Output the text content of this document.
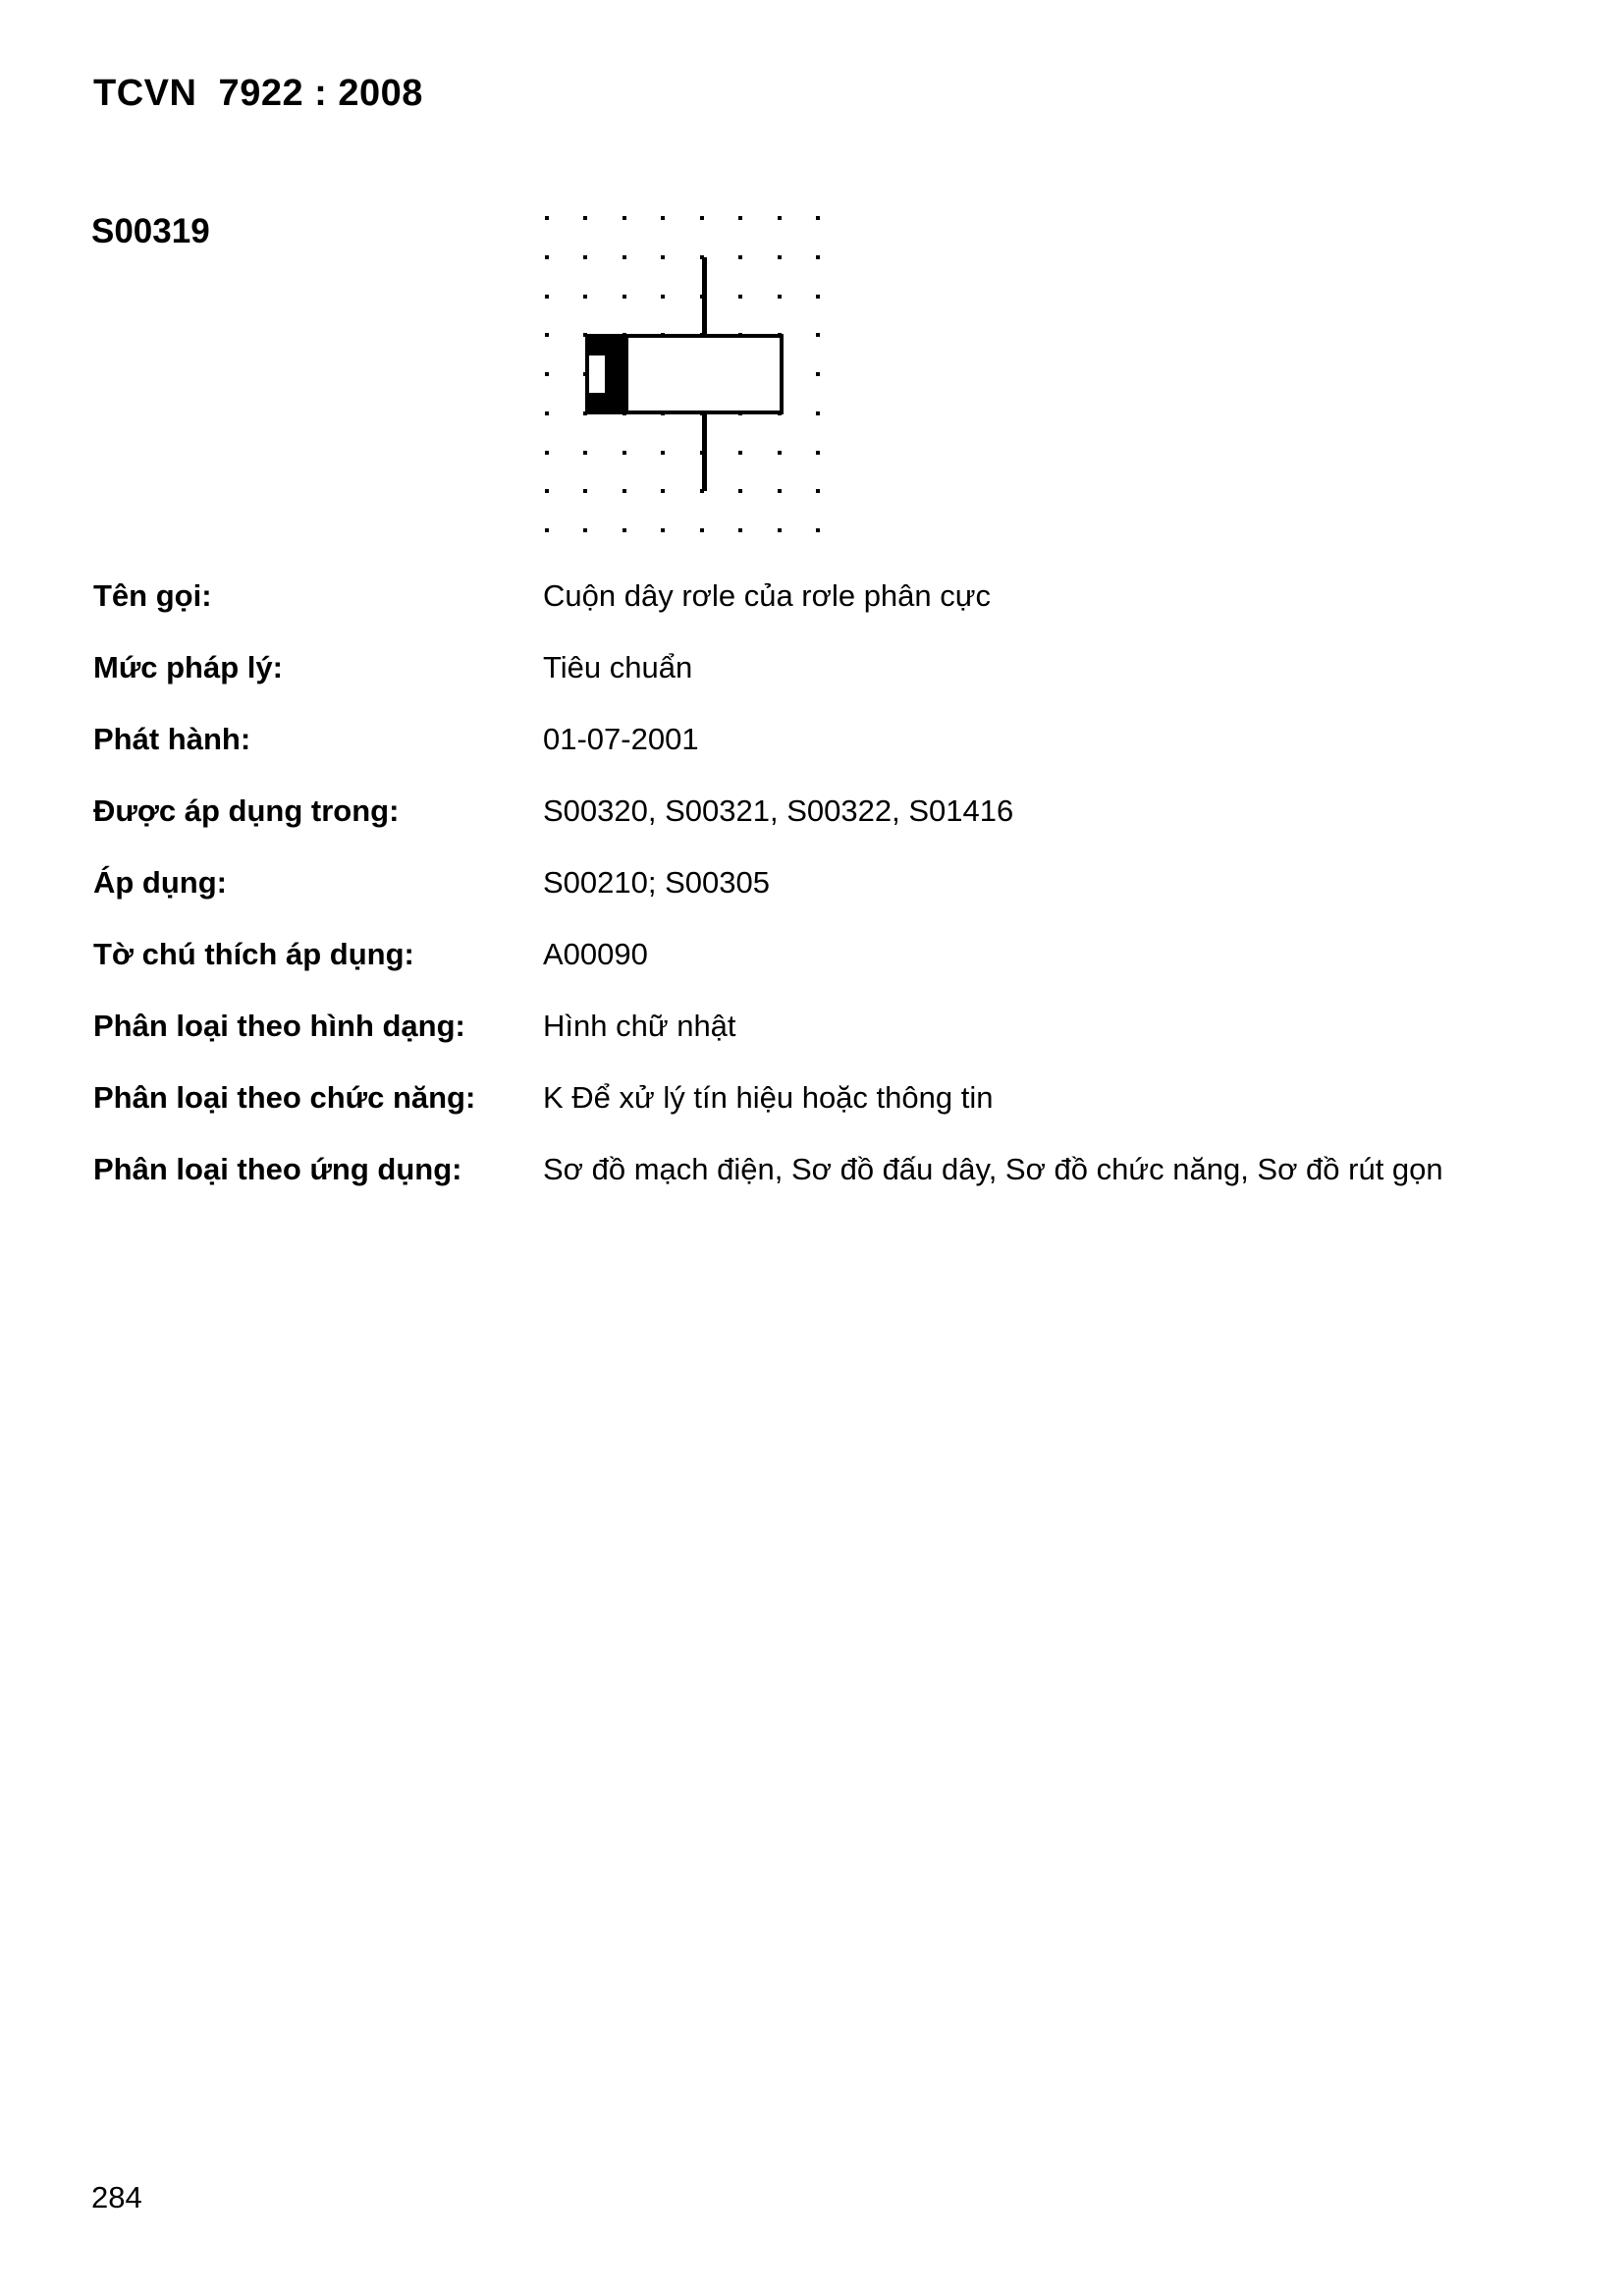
TCVN  7922 : 2008
S00319
Tên gọi:	Cuộn dây rơle của rơle phân cực
Mức pháp lý:	Tiêu chuẩn
Phát hành:	01-07-2001
Được áp dụng trong:	S00320, S00321, S00322, S01416
Áp dụng:	S00210; S00305
Tờ chú thích áp dụng:	A00090
Phân loại theo hình dạng:	Hình chữ nhật
Phân loại theo chức năng: K Để xử lý tín hiệu hoặc thông tin
Phân loại theo ứng dụng:	Sơ đồ mạch điện, Sơ đồ đấu dây, Sơ đồ chức năng, Sơ đồ rút gọn
284
